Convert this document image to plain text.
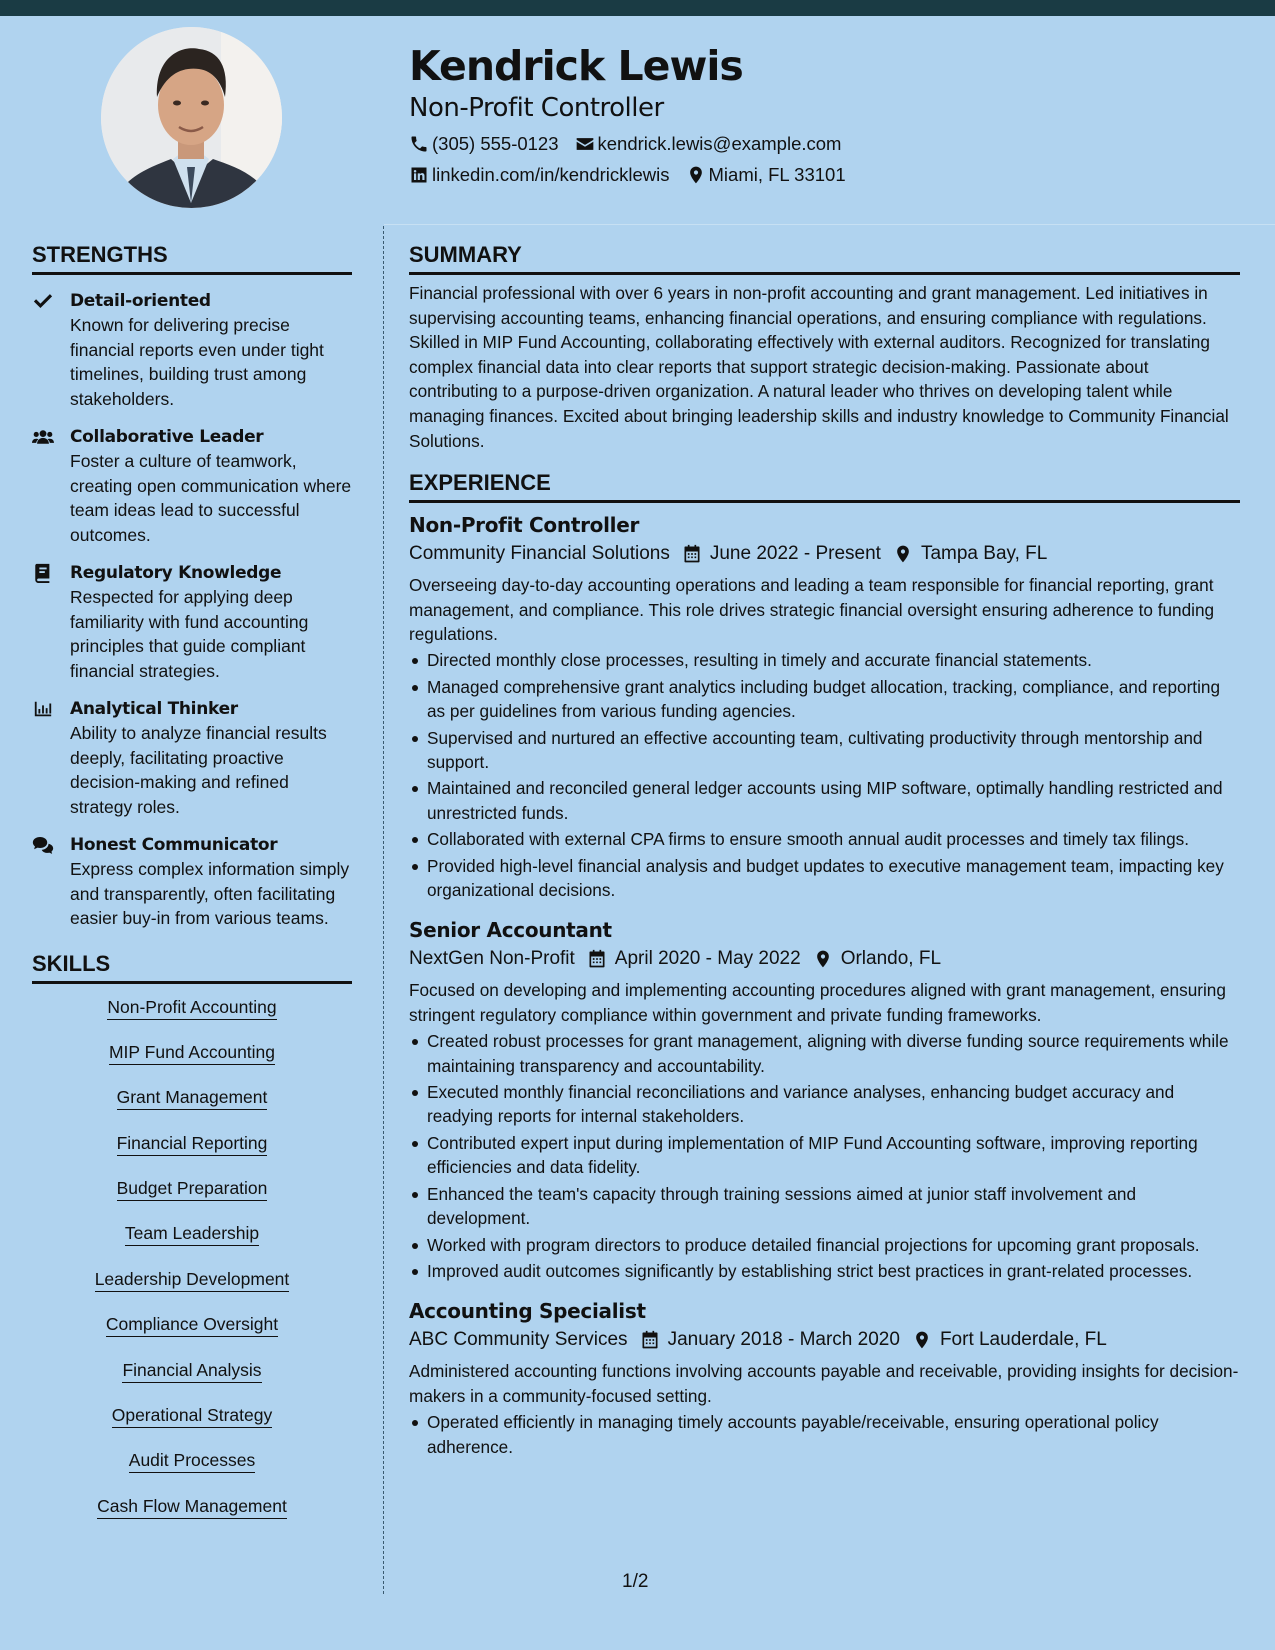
Kendrick Lewis
Non-Profit Controller
(305) 555-0123 kendrick.lewis@example.com
linkedin.com/in/kendricklewis Miami, FL 33101
STRENGTHS
Detail-oriented
Known for delivering precise financial reports even under tight timelines, building trust among stakeholders.
Collaborative Leader
Foster a culture of teamwork, creating open communication where team ideas lead to successful outcomes.
Regulatory Knowledge
Respected for applying deep familiarity with fund accounting principles that guide compliant financial strategies.
Analytical Thinker
Ability to analyze financial results deeply, facilitating proactive decision-making and refined strategy roles.
Honest Communicator
Express complex information simply and transparently, often facilitating easier buy-in from various teams.
SKILLS
Non-Profit Accounting
MIP Fund Accounting
Grant Management
Financial Reporting
Budget Preparation
Team Leadership
Leadership Development
Compliance Oversight
Financial Analysis
Operational Strategy
Audit Processes
Cash Flow Management
SUMMARY
Financial professional with over 6 years in non-profit accounting and grant management. Led initiatives in supervising accounting teams, enhancing financial operations, and ensuring compliance with regulations. Skilled in MIP Fund Accounting, collaborating effectively with external auditors. Recognized for translating complex financial data into clear reports that support strategic decision-making. Passionate about contributing to a purpose-driven organization. A natural leader who thrives on developing talent while managing finances. Excited about bringing leadership skills and industry knowledge to Community Financial Solutions.
EXPERIENCE
Non-Profit Controller
Community Financial Solutions June 2022 - Present Tampa Bay, FL
Overseeing day-to-day accounting operations and leading a team responsible for financial reporting, grant management, and compliance. This role drives strategic financial oversight ensuring adherence to funding regulations.
Directed monthly close processes, resulting in timely and accurate financial statements.
Managed comprehensive grant analytics including budget allocation, tracking, compliance, and reporting as per guidelines from various funding agencies.
Supervised and nurtured an effective accounting team, cultivating productivity through mentorship and support.
Maintained and reconciled general ledger accounts using MIP software, optimally handling restricted and unrestricted funds.
Collaborated with external CPA firms to ensure smooth annual audit processes and timely tax filings.
Provided high-level financial analysis and budget updates to executive management team, impacting key organizational decisions.
Senior Accountant
NextGen Non-Profit April 2020 - May 2022 Orlando, FL
Focused on developing and implementing accounting procedures aligned with grant management, ensuring stringent regulatory compliance within government and private funding frameworks.
Created robust processes for grant management, aligning with diverse funding source requirements while maintaining transparency and accountability.
Executed monthly financial reconciliations and variance analyses, enhancing budget accuracy and readying reports for internal stakeholders.
Contributed expert input during implementation of MIP Fund Accounting software, improving reporting efficiencies and data fidelity.
Enhanced the team's capacity through training sessions aimed at junior staff involvement and development.
Worked with program directors to produce detailed financial projections for upcoming grant proposals.
Improved audit outcomes significantly by establishing strict best practices in grant-related processes.
Accounting Specialist
ABC Community Services January 2018 - March 2020 Fort Lauderdale, FL
Administered accounting functions involving accounts payable and receivable, providing insights for decision-makers in a community-focused setting.
Operated efficiently in managing timely accounts payable/receivable, ensuring operational policy adherence.
1/2
